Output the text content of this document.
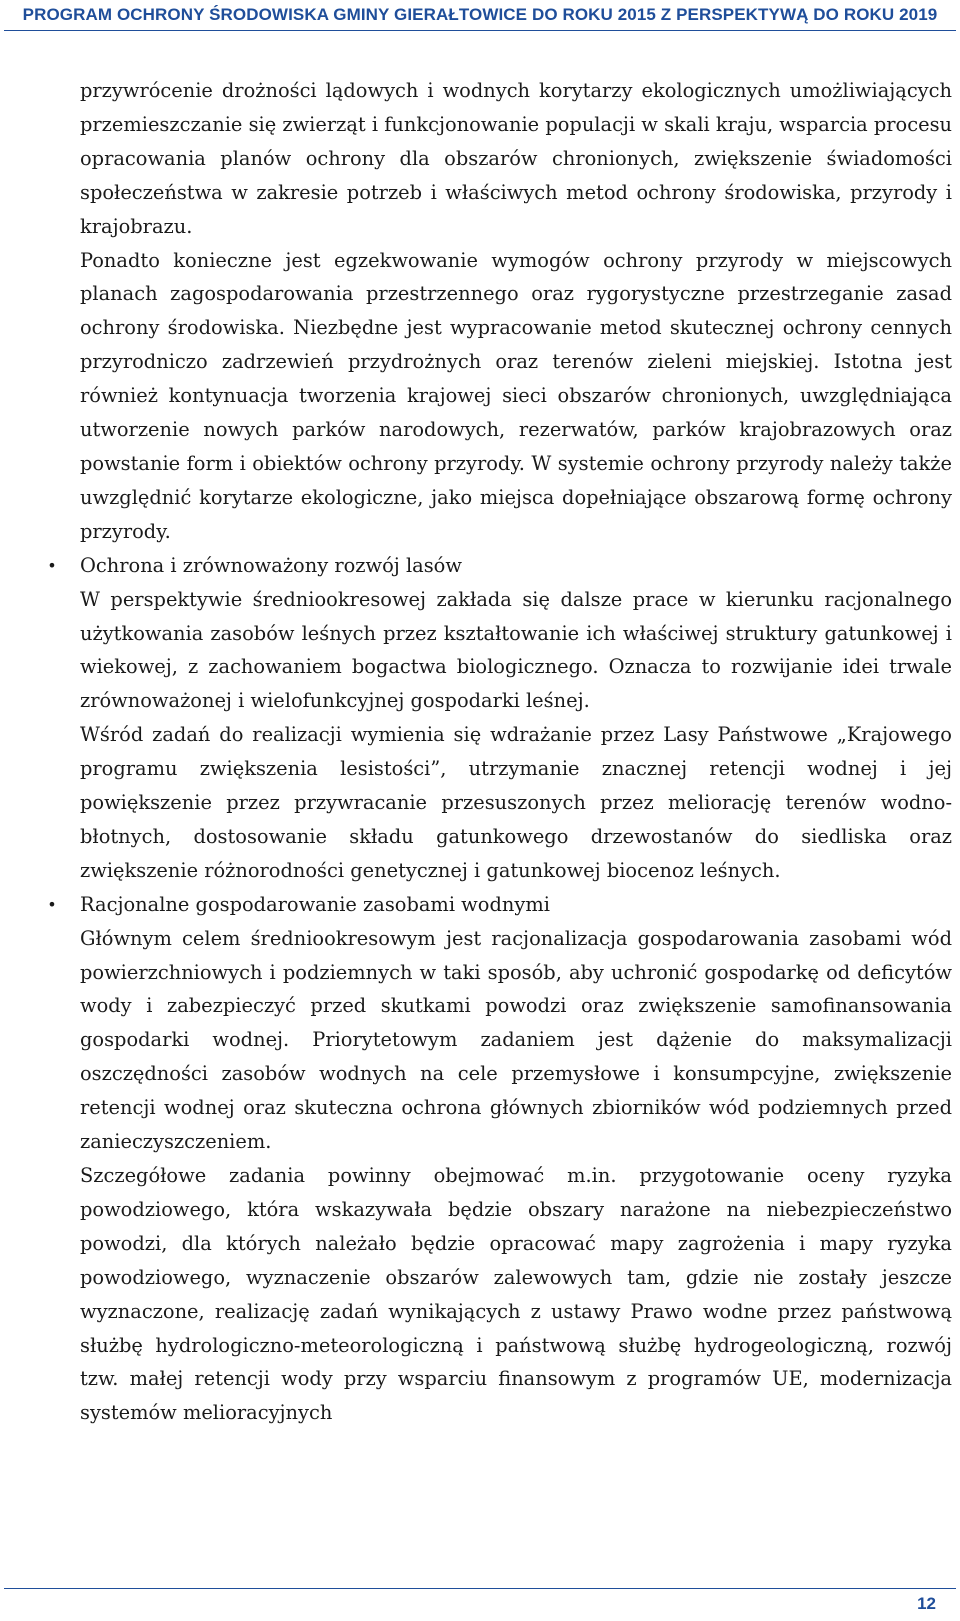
PROGRAM OCHRONY ŚRODOWISKA GMINY GIERAŁTOWICE DO ROKU 2015 Z PERSPEKTYWĄ DO ROKU 2019

przywrócenie drożności lądowych i wodnych korytarzy ekologicznych umożliwiających przemieszczanie się zwierząt i funkcjonowanie populacji w skali kraju, wsparcia procesu opracowania planów ochrony dla obszarów chronionych, zwiększenie świadomości społeczeństwa w zakresie potrzeb i właściwych metod ochrony środowiska, przyrody i krajobrazu.

Ponadto konieczne jest egzekwowanie wymogów ochrony przyrody w miejscowych planach zagospodarowania przestrzennego oraz rygorystyczne przestrzeganie zasad ochrony środowiska. Niezbędne jest wypracowanie metod skutecznej ochrony cennych przyrodniczo zadrzewień przydrożnych oraz terenów zieleni miejskiej. Istotna jest również kontynuacja tworzenia krajowej sieci obszarów chronionych, uwzględniająca utworzenie nowych parków narodowych, rezerwatów, parków krajobrazowych oraz powstanie form i obiektów ochrony przyrody. W systemie ochrony przyrody należy także uwzględnić korytarze ekologiczne, jako miejsca dopełniające obszarową formę ochrony przyrody.

• Ochrona i zrównoważony rozwój lasów

W perspektywie średniookresowej zakłada się dalsze prace w kierunku racjonalnego użytkowania zasobów leśnych przez kształtowanie ich właściwej struktury gatunkowej i wiekowej, z zachowaniem bogactwa biologicznego. Oznacza to rozwijanie idei trwale zrównoważonej i wielofunkcyjnej gospodarki leśnej.

Wśród zadań do realizacji wymienia się wdrażanie przez Lasy Państwowe „Krajowego programu zwiększenia lesistości”, utrzymanie znacznej retencji wodnej i jej powiększenie przez przywracanie przesuszonych przez meliorację terenów wodno-błotnych, dostosowanie składu gatunkowego drzewostanów do siedliska oraz zwiększenie różnorodności genetycznej i gatunkowej biocenoz leśnych.

• Racjonalne gospodarowanie zasobami wodnymi

Głównym celem średniookresowym jest racjonalizacja gospodarowania zasobami wód powierzchniowych i podziemnych w taki sposób, aby uchronić gospodarkę od deficytów wody i zabezpieczyć przed skutkami powodzi oraz zwiększenie samofinansowania gospodarki wodnej. Priorytetowym zadaniem jest dążenie do maksymalizacji oszczędności zasobów wodnych na cele przemysłowe i konsumpcyjne, zwiększenie retencji wodnej oraz skuteczna ochrona głównych zbiorników wód podziemnych przed zanieczyszczeniem.

Szczegółowe zadania powinny obejmować m.in. przygotowanie oceny ryzyka powodziowego, która wskazywała będzie obszary narażone na niebezpieczeństwo powodzi, dla których należało będzie opracować mapy zagrożenia i mapy ryzyka powodziowego, wyznaczenie obszarów zalewowych tam, gdzie nie zostały jeszcze wyznaczone, realizację zadań wynikających z ustawy Prawo wodne przez państwową służbę hydrologiczno-meteorologiczną i państwową służbę hydrogeologiczną, rozwój tzw. małej retencji wody przy wsparciu finansowym z programów UE, modernizacja systemów melioracyjnych

12
